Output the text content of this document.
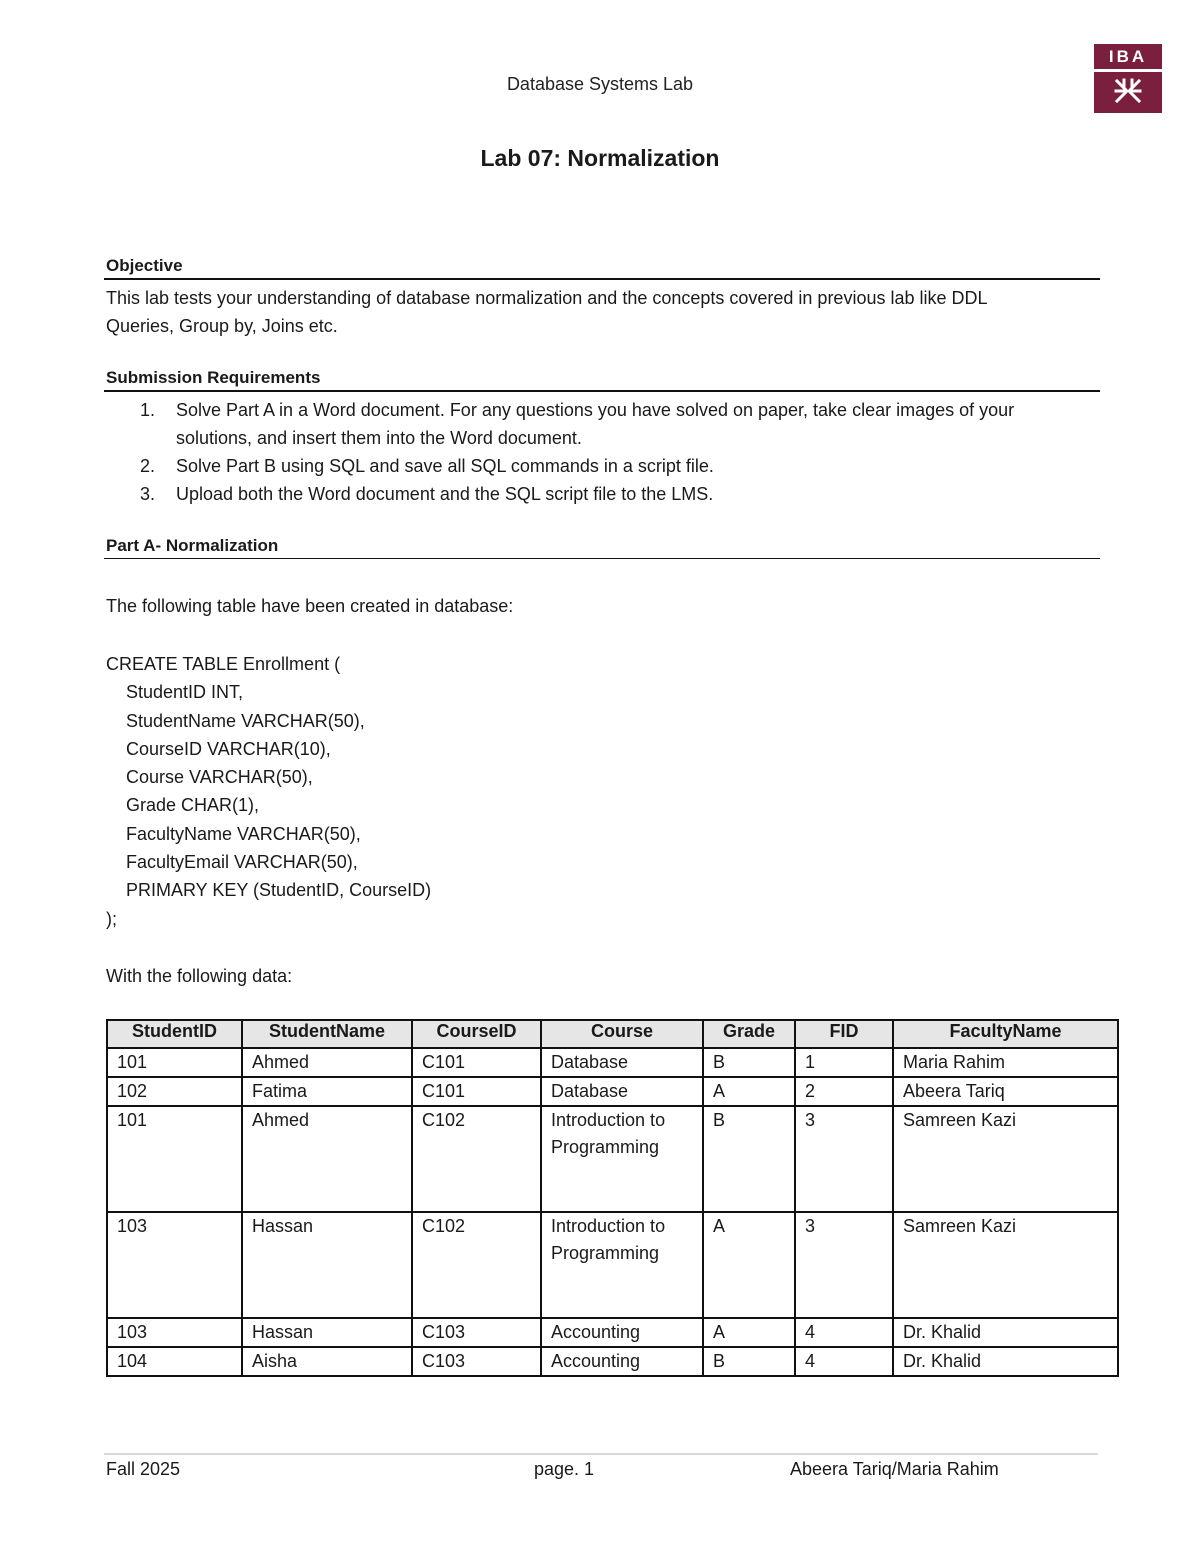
Database Systems Lab
IBA
Lab 07: Normalization
Objective
This lab tests your understanding of database normalization and the concepts covered in previous lab like DDL
Queries, Group by, Joins etc.
Submission Requirements
1. Solve Part A in a Word document. For any questions you have solved on paper, take clear images of your
solutions, and insert them into the Word document.
2. Solve Part B using SQL and save all SQL commands in a script file.
3. Upload both the Word document and the SQL script file to the LMS.
Part A- Normalization
The following table have been created in database:
CREATE TABLE Enrollment (
StudentID INT,
StudentName VARCHAR(50),
CourseID VARCHAR(10),
Course VARCHAR(50),
Grade CHAR(1),
FacultyName VARCHAR(50),
FacultyEmail VARCHAR(50),
PRIMARY KEY (StudentID, CourseID)
);
With the following data:
StudentID	StudentName	CourseID	Course	Grade	FID	FacultyName
101	Ahmed	C101	Database	B	1	Maria Rahim
102	Fatima	C101	Database	A	2	Abeera Tariq
101	Ahmed	C102	Introduction to Programming	B	3	Samreen Kazi
103	Hassan	C102	Introduction to Programming	A	3	Samreen Kazi
103	Hassan	C103	Accounting	A	4	Dr. Khalid
104	Aisha	C103	Accounting	B	4	Dr. Khalid
Fall 2025	page. 1	Abeera Tariq/Maria Rahim
